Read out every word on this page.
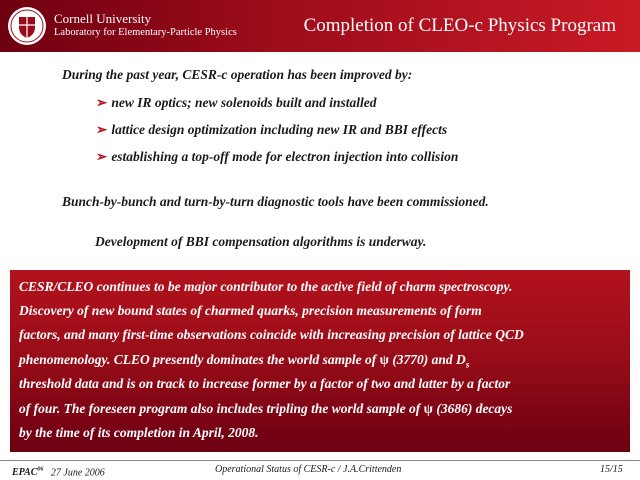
Cornell University
Laboratory for Elementary-Particle Physics	Completion of CLEO-c Physics Program
During the past year, CESR-c operation has been improved by:
➢ new IR optics; new solenoids built and installed
➢ lattice design optimization including new IR and BBI effects
➢ establishing a top-off mode for electron injection into collision
Bunch-by-bunch and turn-by-turn diagnostic tools have been commissioned.
Development of BBI compensation algorithms is underway.
CESR/CLEO continues to be major contributor to the active field of charm spectroscopy.
Discovery of new bound states of charmed quarks, precision measurements of form
factors, and many first-time observations coincide with increasing precision of lattice QCD
phenomenology. CLEO presently dominates the world sample of ψ (3770) and $D_s$
threshold data and is on track to increase former by a factor of two and latter by a factor
of four. The foreseen program also includes tripling the world sample of ψ (3686) decays
by the time of its completion in April, 2008.
EPAC$^{06}$ 27 June 2006	Operational Status of CESR-c / J.A.Crittenden	15/15
